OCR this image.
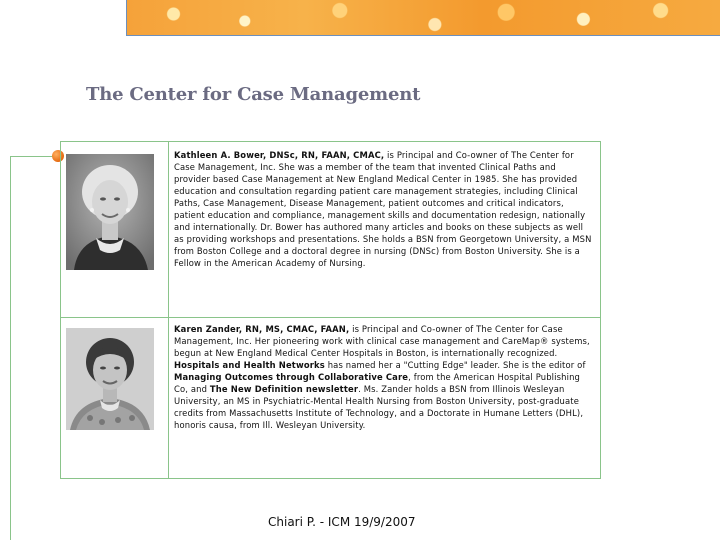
The Center for Case Management
Kathleen A. Bower, DNSc, RN, FAAN, CMAC, is Principal and Co-owner of The Center for Case Management, Inc. She was a member of the team that invented Clinical Paths and provider based Case Management at New England Medical Center in 1985. She has provided education and consultation regarding patient care management strategies, including Clinical Paths, Case Management, Disease Management, patient outcomes and critical indicators, patient education and compliance, management skills and documentation redesign, nationally and internationally. Dr. Bower has authored many articles and books on these subjects as well as providing workshops and presentations. She holds a BSN from Georgetown University, a MSN from Boston College and a doctoral degree in nursing (DNSc) from Boston University. She is a Fellow in the American Academy of Nursing.
Karen Zander, RN, MS, CMAC, FAAN, is Principal and Co-owner of The Center for Case Management, Inc. Her pioneering work with clinical case management and CareMap® systems, begun at New England Medical Center Hospitals in Boston, is internationally recognized. Hospitals and Health Networks has named her a "Cutting Edge" leader. She is the editor of Managing Outcomes through Collaborative Care, from the American Hospital Publishing Co, and The New Definition newsletter. Ms. Zander holds a BSN from Illinois Wesleyan University, an MS in Psychiatric-Mental Health Nursing from Boston University, post-graduate credits from Massachusetts Institute of Technology, and a Doctorate in Humane Letters (DHL), honoris causa, from Ill. Wesleyan University.
Chiari P. - ICM 19/9/2007
